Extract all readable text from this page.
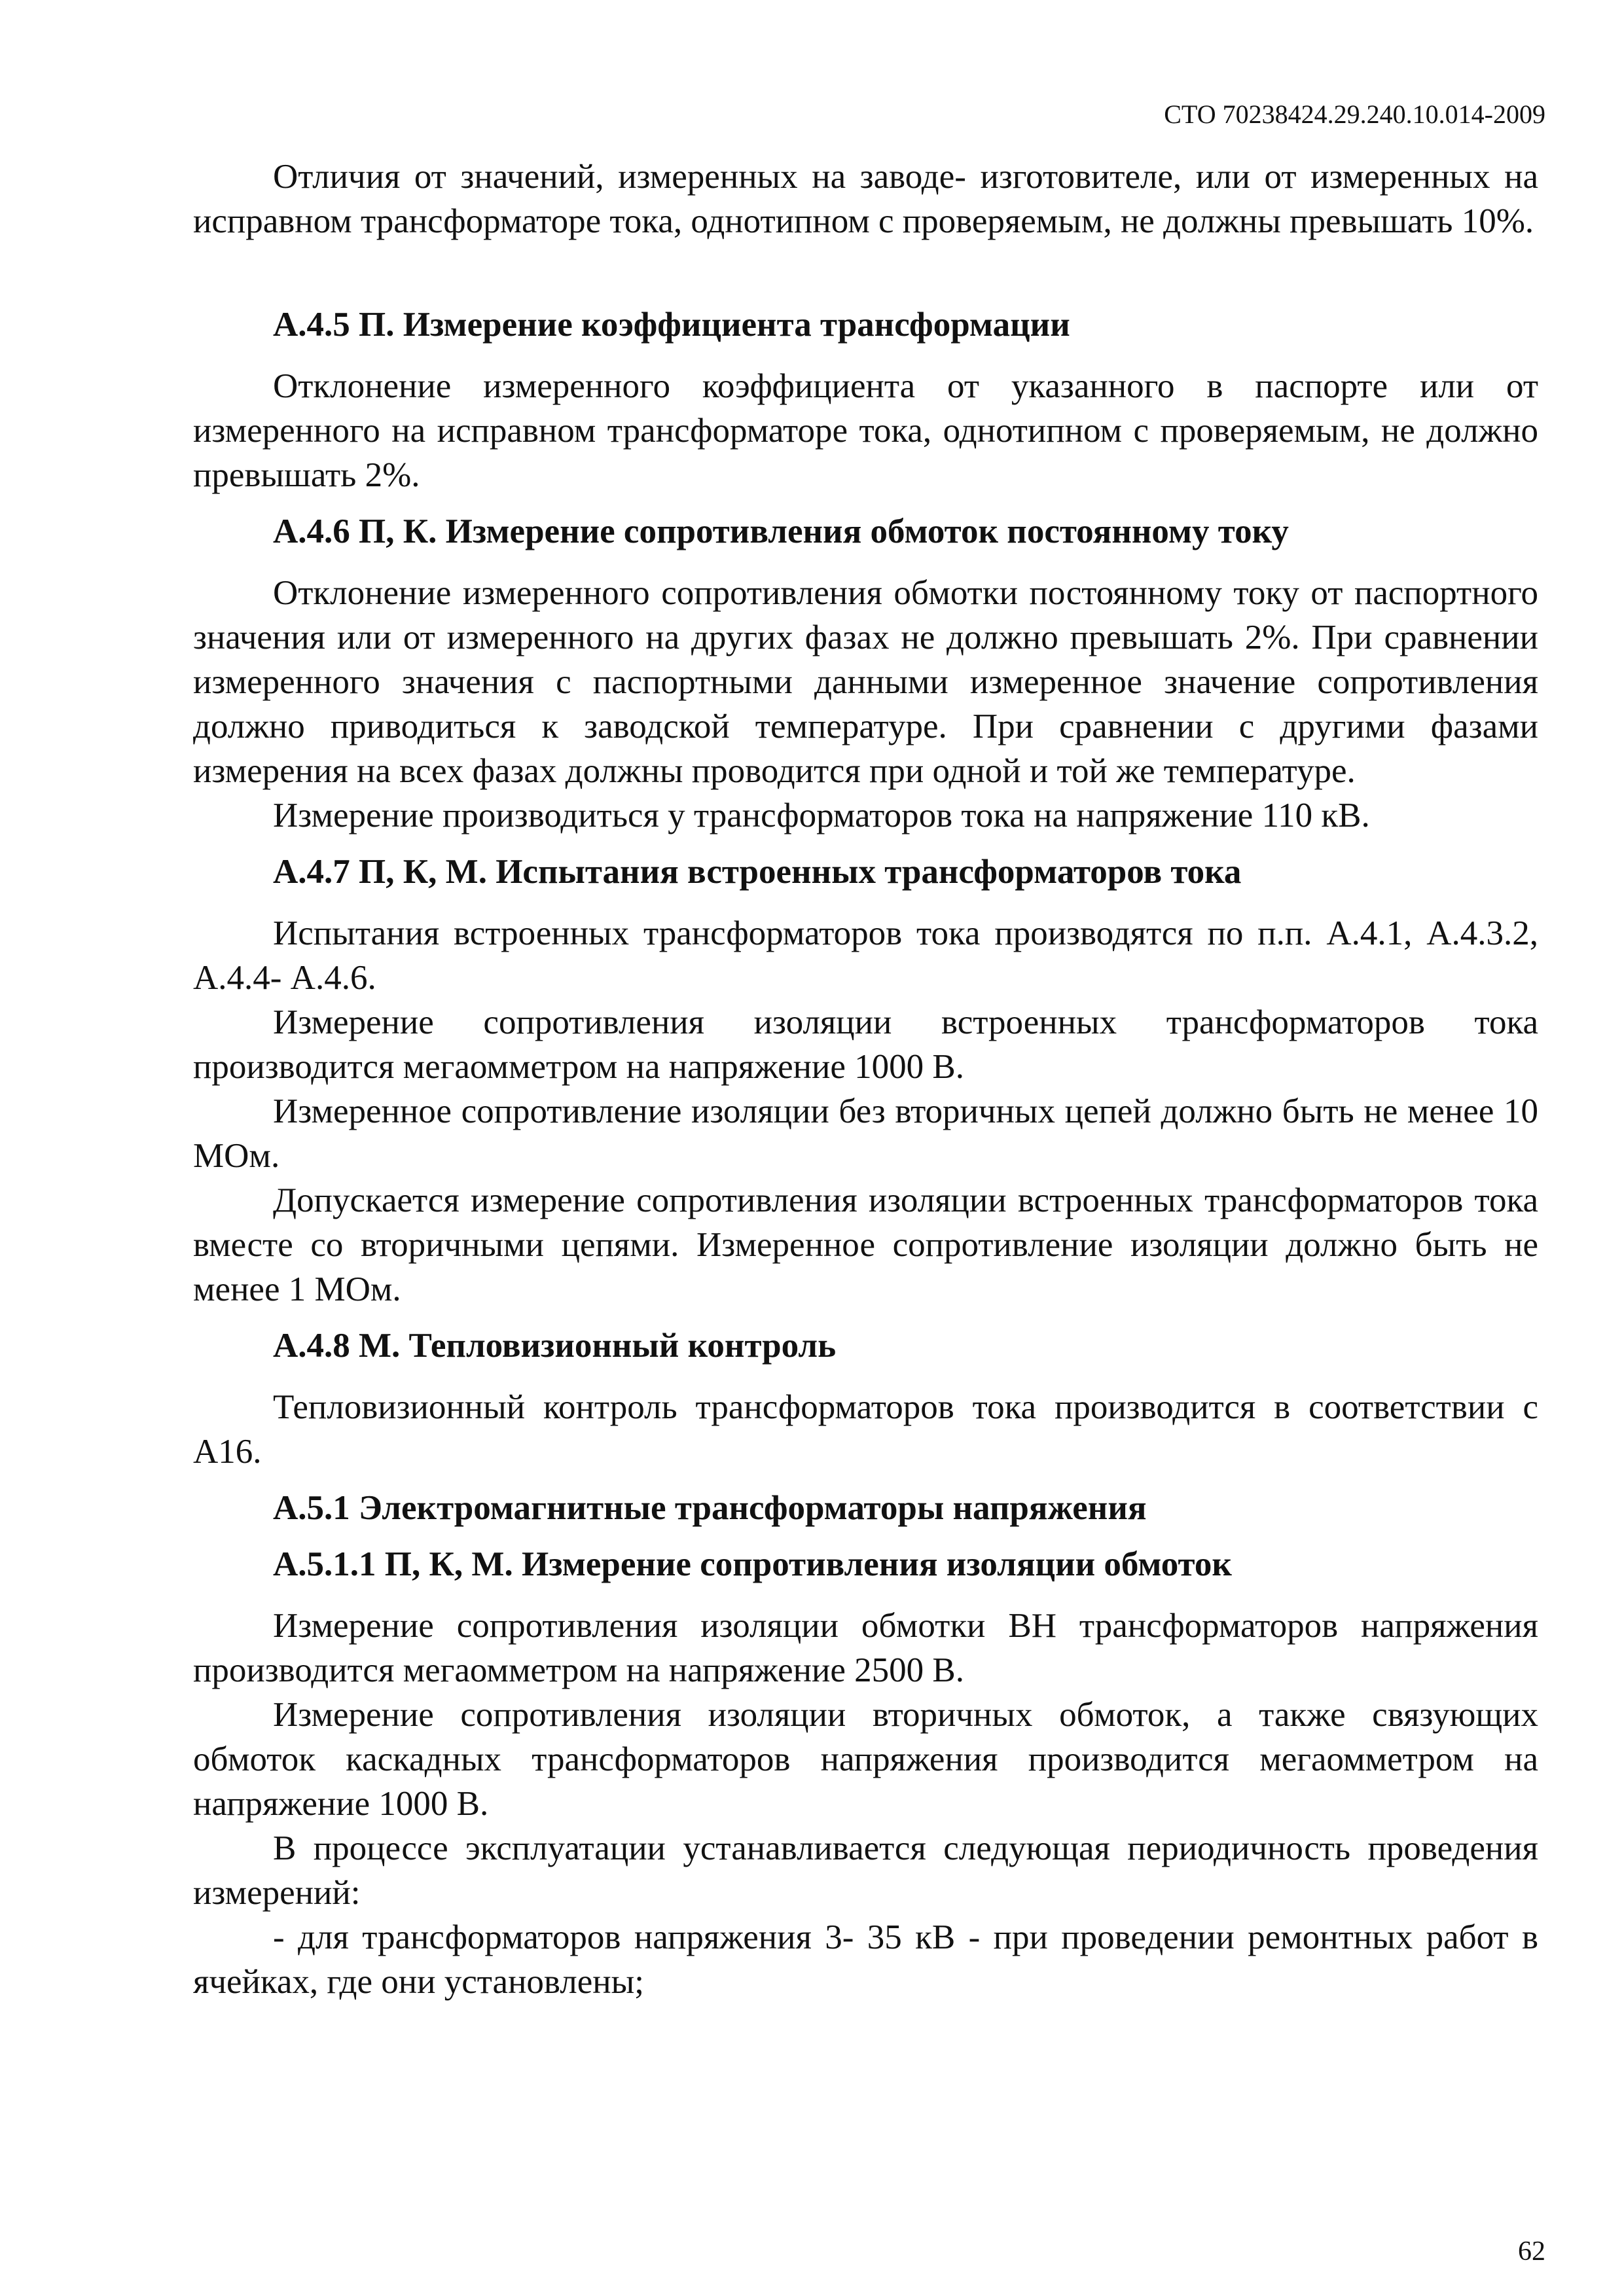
СТО 70238424.29.240.10.014-2009

Отличия от значений, измеренных на заводе- изготовителе, или от измеренных на исправном трансформаторе тока, однотипном с проверяемым, не должны превышать 10%.

А.4.5 П. Измерение коэффициента трансформации

Отклонение измеренного коэффициента от указанного в паспорте или от измеренного на исправном трансформаторе тока, однотипном с проверяемым, не должно превышать 2%.

А.4.6 П, К. Измерение сопротивления обмоток постоянному току

Отклонение измеренного сопротивления обмотки постоянному току от паспортного значения или от измеренного на других фазах не должно превышать 2%. При сравнении измеренного значения с паспортными данными измеренное значение сопротивления должно приводиться к заводской температуре. При сравнении с другими фазами измерения на всех фазах должны проводится при одной и той же температуре.

Измерение производиться у трансформаторов тока на напряжение 110 кВ.

А.4.7 П, К, М. Испытания встроенных трансформаторов тока

Испытания встроенных трансформаторов тока производятся по п.п. А.4.1, А.4.3.2, А.4.4- А.4.6.

Измерение сопротивления изоляции встроенных трансформаторов тока производится мегаомметром на напряжение 1000 В.

Измеренное сопротивление изоляции без вторичных цепей должно быть не менее 10 МОм.

Допускается измерение сопротивления изоляции встроенных трансформаторов тока вместе со вторичными цепями. Измеренное сопротивление изоляции должно быть не менее 1 МОм.

А.4.8 М. Тепловизионный контроль

Тепловизионный контроль трансформаторов тока производится в соответствии с А16.

А.5.1 Электромагнитные трансформаторы напряжения

А.5.1.1 П, К, М. Измерение сопротивления изоляции обмоток

Измерение сопротивления изоляции обмотки ВН трансформаторов напряжения производится мегаомметром на напряжение 2500 В.

Измерение сопротивления изоляции вторичных обмоток, а также связующих обмоток каскадных трансформаторов напряжения производится мегаомметром на напряжение 1000 В.

В процессе эксплуатации устанавливается следующая периодичность проведения измерений:

- для трансформаторов напряжения 3- 35 кВ - при проведении ремонтных работ в ячейках, где они установлены;

62
